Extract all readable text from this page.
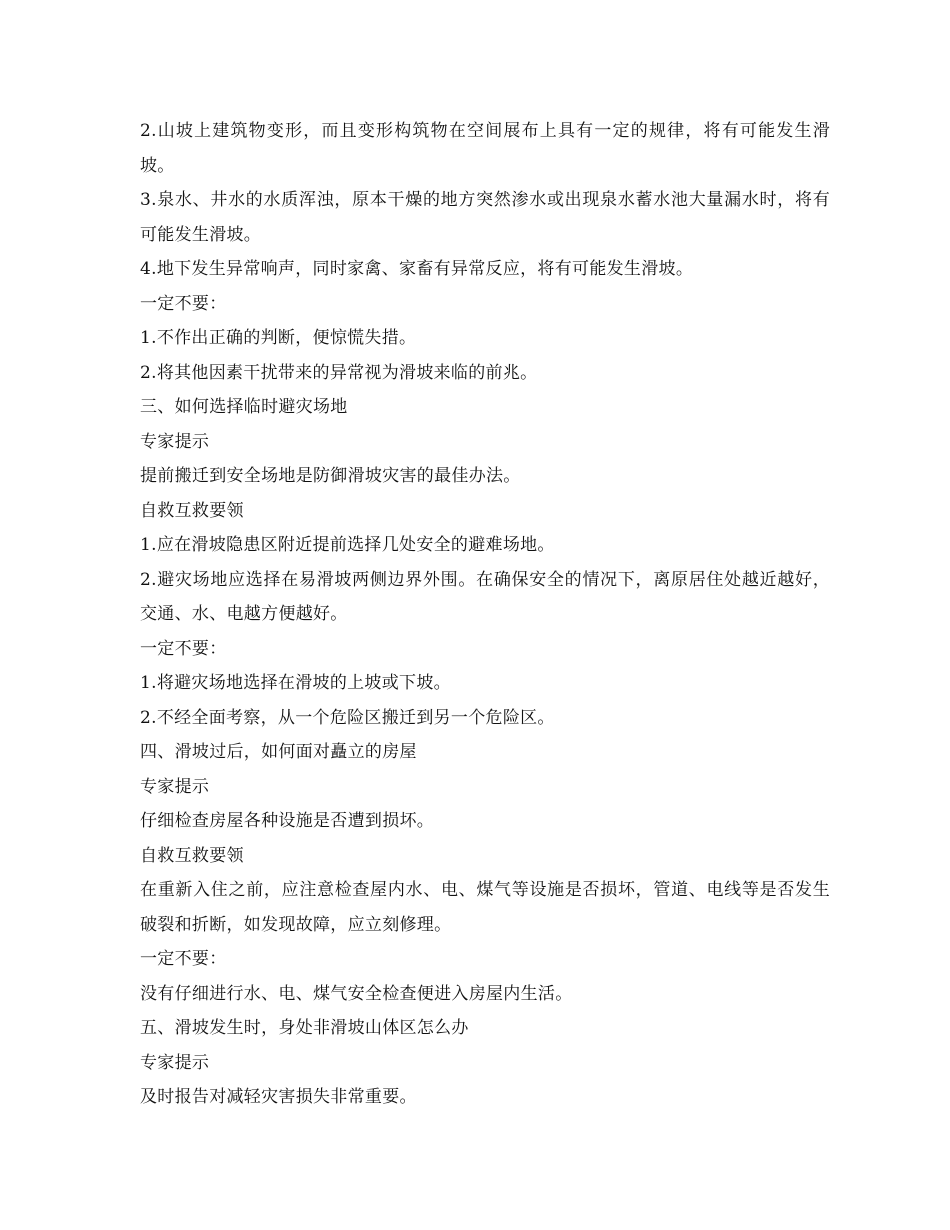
2.山坡上建筑物变形，而且变形构筑物在空间展布上具有一定的规律，将有可能发生滑坡。

3.泉水、井水的水质浑浊，原本干燥的地方突然渗水或出现泉水蓄水池大量漏水时，将有可能发生滑坡。

4.地下发生异常响声，同时家禽、家畜有异常反应，将有可能发生滑坡。

一定不要：

1.不作出正确的判断，便惊慌失措。

2.将其他因素干扰带来的异常视为滑坡来临的前兆。

三、如何选择临时避灾场地

专家提示

提前搬迁到安全场地是防御滑坡灾害的最佳办法。

自救互救要领

1.应在滑坡隐患区附近提前选择几处安全的避难场地。

2.避灾场地应选择在易滑坡两侧边界外围。在确保安全的情况下，离原居住处越近越好，交通、水、电越方便越好。

一定不要：

1.将避灾场地选择在滑坡的上坡或下坡。

2.不经全面考察，从一个危险区搬迁到另一个危险区。

四、滑坡过后，如何面对矗立的房屋

专家提示

仔细检查房屋各种设施是否遭到损坏。

自救互救要领

在重新入住之前，应注意检查屋内水、电、煤气等设施是否损坏，管道、电线等是否发生破裂和折断，如发现故障，应立刻修理。

一定不要：

没有仔细进行水、电、煤气安全检查便进入房屋内生活。

五、滑坡发生时，身处非滑坡山体区怎么办

专家提示

及时报告对减轻灾害损失非常重要。
